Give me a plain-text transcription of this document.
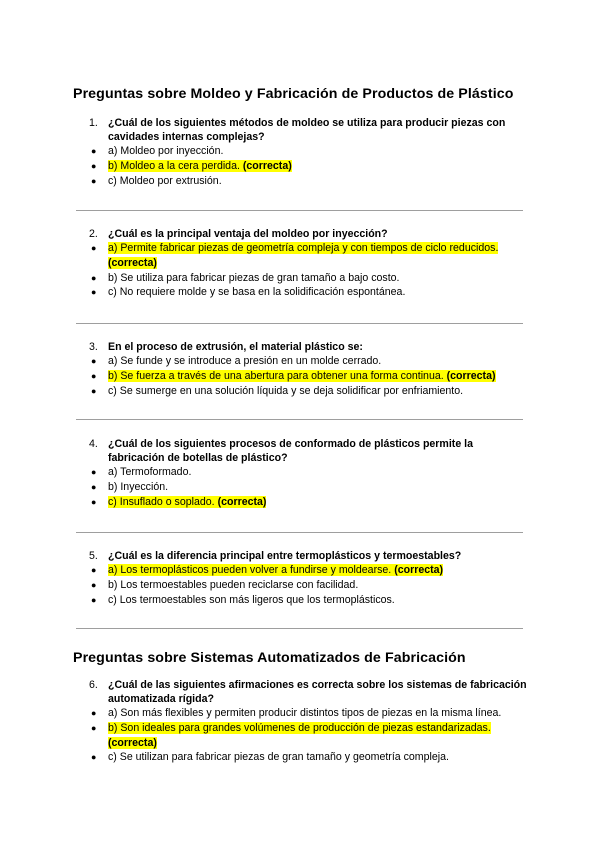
Preguntas sobre Moldeo y Fabricación de Productos de Plástico
Preguntas sobre Sistemas Automatizados de Fabricación
1. ¿Cuál de los siguientes métodos de moldeo se utiliza para producir piezas con cavidades internas complejas?
● a) Moldeo por inyección.
● b) Moldeo a la cera perdida. (correcta)
● c) Moldeo por extrusión.
2. ¿Cuál es la principal ventaja del moldeo por inyección?
● a) Permite fabricar piezas de geometría compleja y con tiempos de ciclo reducidos. (correcta)
● b) Se utiliza para fabricar piezas de gran tamaño a bajo costo.
● c) No requiere molde y se basa en la solidificación espontánea.
3. En el proceso de extrusión, el material plástico se:
● a) Se funde y se introduce a presión en un molde cerrado.
● b) Se fuerza a través de una abertura para obtener una forma continua. (correcta)
● c) Se sumerge en una solución líquida y se deja solidificar por enfriamiento.
4. ¿Cuál de los siguientes procesos de conformado de plásticos permite la fabricación de botellas de plástico?
● a) Termoformado.
● b) Inyección.
● c) Insuflado o soplado. (correcta)
5. ¿Cuál es la diferencia principal entre termoplásticos y termoestables?
● a) Los termoplásticos pueden volver a fundirse y moldearse. (correcta)
● b) Los termoestables pueden reciclarse con facilidad.
● c) Los termoestables son más ligeros que los termoplásticos.
6. ¿Cuál de las siguientes afirmaciones es correcta sobre los sistemas de fabricación automatizada rígida?
● a) Son más flexibles y permiten producir distintos tipos de piezas en la misma línea.
● b) Son ideales para grandes volúmenes de producción de piezas estandarizadas. (correcta)
● c) Se utilizan para fabricar piezas de gran tamaño y geometría compleja.
